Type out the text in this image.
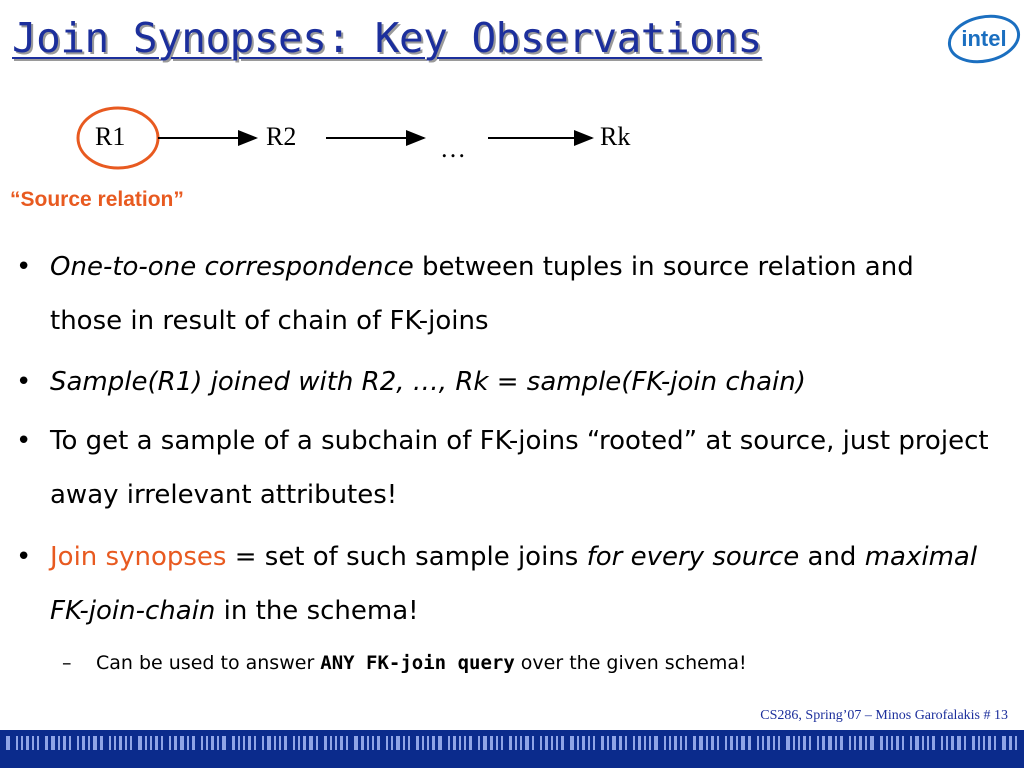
Join Synopses: Key Observations	intel
R1	R2	…	Rk
“Source relation”
• One-to-one correspondence between tuples in source relation and those in result of chain of FK-joins
• Sample(R1) joined with R2, …, Rk = sample(FK-join chain)
• To get a sample of a subchain of FK-joins “rooted” at source, just project away irrelevant attributes!
• Join synopses = set of such sample joins for every source and maximal FK-join-chain in the schema!
– Can be used to answer ANY FK-join query over the given schema!
CS286, Spring’07 – Minos Garofalakis # 13
